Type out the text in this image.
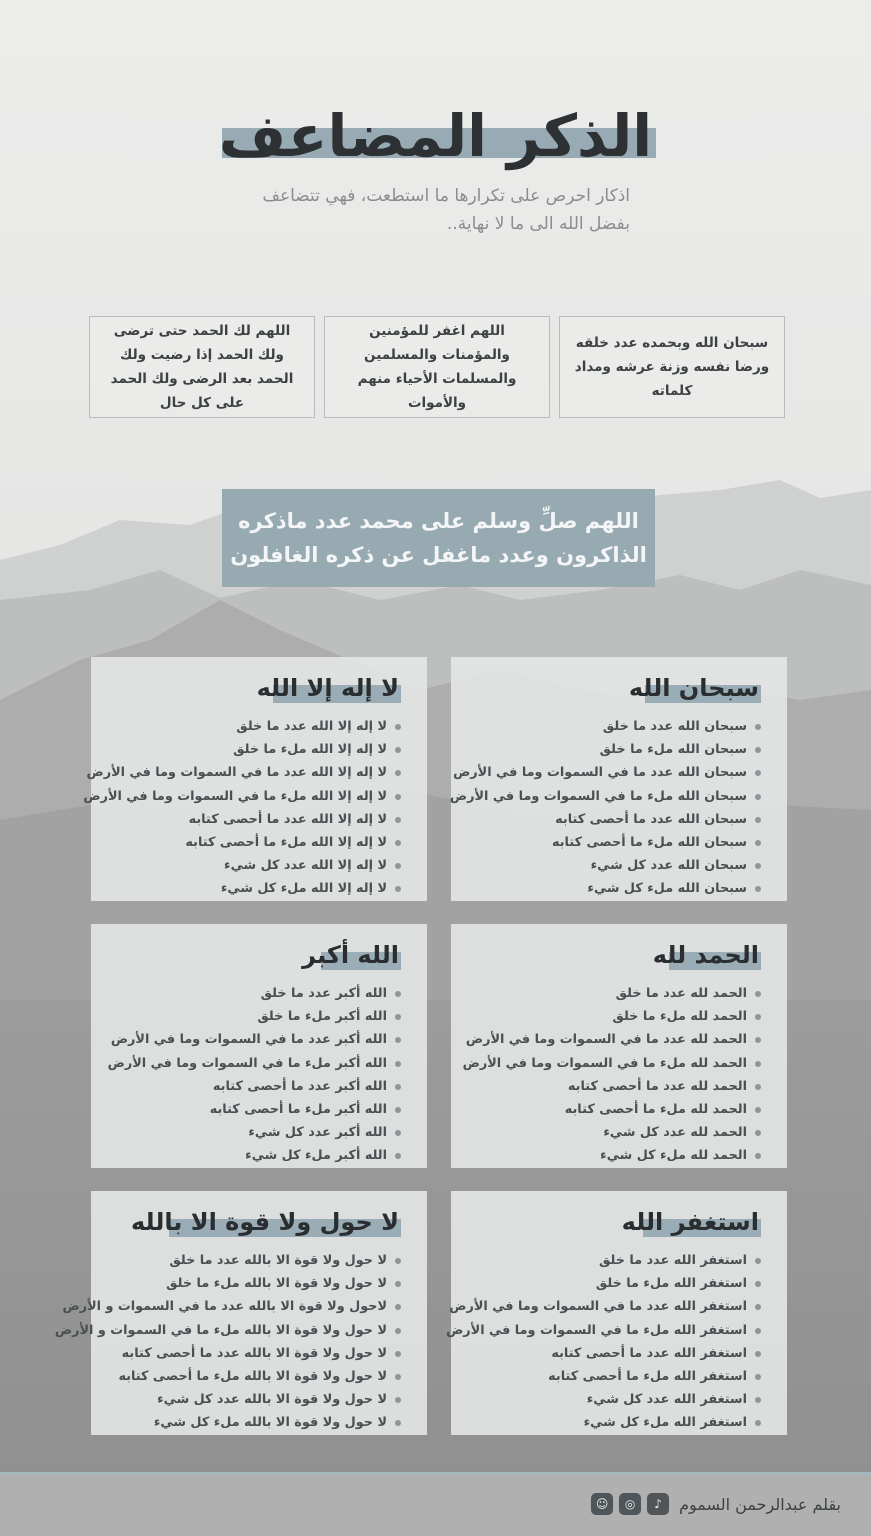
الذكر المضاعف

اذكار احرص على تكرارها ما استطعت، فهي تتضاعف بفضل الله الى ما لا نهاية..

سبحان الله وبحمده عدد خلقه ورضا نفسه وزنة عرشه ومداد كلماته
اللهم اغفر للمؤمنين والمؤمنات والمسلمين والمسلمات الأحياء منهم والأموات
اللهم لك الحمد حتى ترضى ولك الحمد إذا رضيت ولك الحمد بعد الرضى ولك الحمد على كل حال
اللهم صلِّ وسلم على محمد عدد ماذكره
الذاكرون وعدد ماغفل عن ذكره الغافلون
سبحان الله
سبحان الله عدد ما خلق
سبحان الله ملء ما خلق
سبحان الله عدد ما في السموات وما في الأرض
سبحان الله ملء ما في السموات وما في الأرض
سبحان الله عدد ما أحصى كتابه
سبحان الله ملء ما أحصى كتابه
سبحان الله عدد كل شيء
سبحان الله ملء كل شيء
لا إله إلا الله
لا إله إلا الله عدد ما خلق
لا إله إلا الله ملء ما خلق
لا إله إلا الله عدد ما في السموات وما في الأرض
لا إله إلا الله ملء ما في السموات وما في الأرض
لا إله إلا الله عدد ما أحصى كتابه
لا إله إلا الله ملء ما أحصى كتابه
لا إله إلا الله عدد كل شيء
لا إله إلا الله ملء كل شيء
الحمد لله
الحمد لله عدد ما خلق
الحمد لله ملء ما خلق
الحمد لله عدد ما في السموات وما في الأرض
الحمد لله ملء ما في السموات وما في الأرض
الحمد لله عدد ما أحصى كتابه
الحمد لله ملء ما أحصى كتابه
الحمد لله عدد كل شيء
الحمد لله ملء كل شيء
الله أكبر
الله أكبر عدد ما خلق
الله أكبر ملء ما خلق
الله أكبر عدد ما في السموات وما في الأرض
الله أكبر ملء ما في السموات وما في الأرض
الله أكبر عدد ما أحصى كتابه
الله أكبر ملء ما أحصى كتابه
الله أكبر عدد كل شيء
الله أكبر ملء كل شيء
استغفر الله
استغفر الله عدد ما خلق
استغفر الله ملء ما خلق
استغفر الله عدد ما في السموات وما في الأرض
استغفر الله ملء ما في السموات وما في الأرض
استغفر الله عدد ما أحصى كتابه
استغفر الله ملء ما أحصى كتابه
استغفر الله عدد كل شيء
استغفر الله ملء كل شيء
لا حول ولا قوة الا بالله
لا حول ولا قوة الا بالله عدد ما خلق
لا حول ولا قوة الا بالله ملء ما خلق
لاحول ولا قوة الا بالله عدد ما في السموات و الأرض
لا حول ولا قوة الا بالله ملء ما في السموات و الأرض
لا حول ولا قوة الا بالله عدد ما أحصى كتابه
لا حول ولا قوة الا بالله ملء ما أحصى كتابه
لا حول ولا قوة الا بالله عدد كل شيء
لا حول ولا قوة الا بالله ملء كل شيء
بقلم عبدالرحمن السموم
♪
◎
☺
